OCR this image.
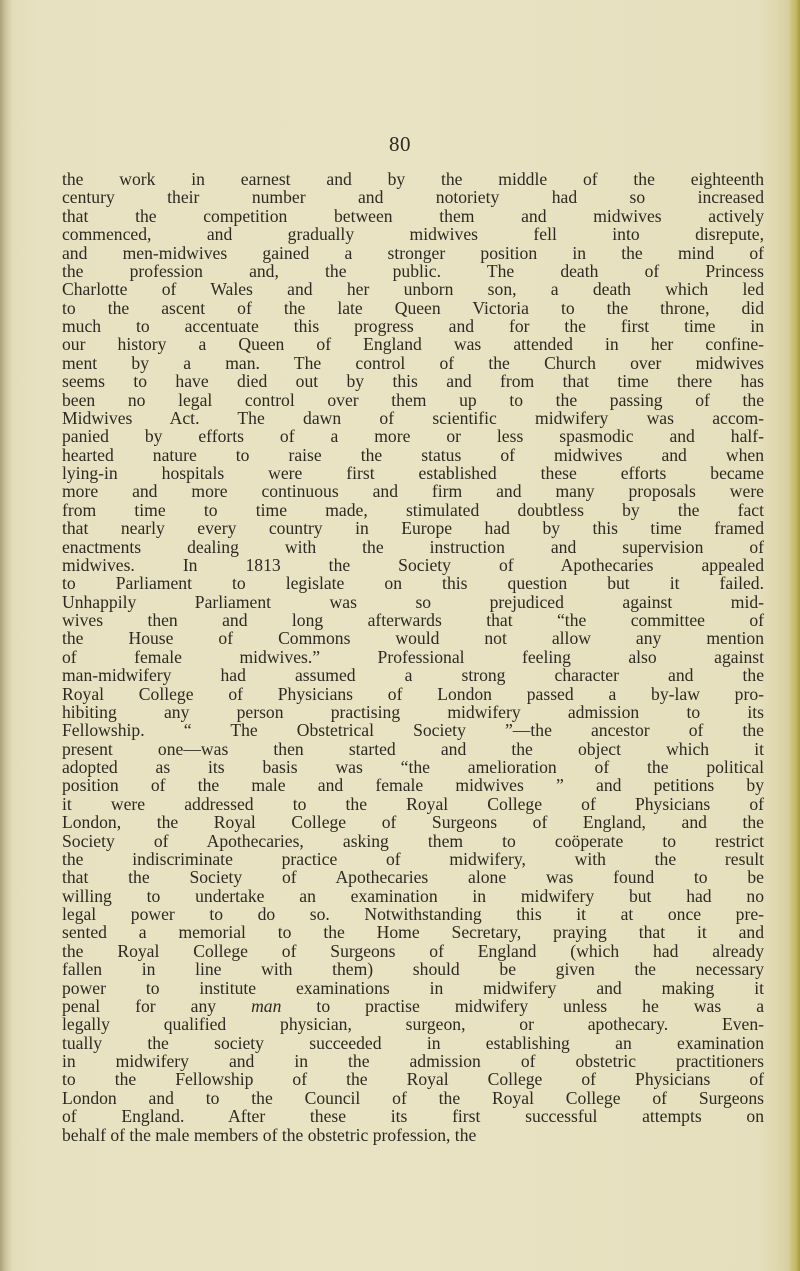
80
the work in earnest and by the middle of the eighteenth
century their number and notoriety had so increased
that the competition between them and midwives actively
commenced, and gradually midwives fell into disrepute,
and men-midwives gained a stronger position in the mind of
the profession and, the public. The death of Princess
Charlotte of Wales and her unborn son, a death which led
to the ascent of the late Queen Victoria to the throne, did
much to accentuate this progress and for the first time in
our history a Queen of England was attended in her confine-
ment by a man. The control of the Church over midwives
seems to have died out by this and from that time there has
been no legal control over them up to the passing of the
Midwives Act. The dawn of scientific midwifery was accom-
panied by efforts of a more or less spasmodic and half-
hearted nature to raise the status of midwives and when
lying-in hospitals were first established these efforts became
more and more continuous and firm and many proposals were
from time to time made, stimulated doubtless by the fact
that nearly every country in Europe had by this time framed
enactments dealing with the instruction and supervision of
midwives. In 1813 the Society of Apothecaries appealed
to Parliament to legislate on this question but it failed.
Unhappily Parliament was so prejudiced against mid-
wives then and long afterwards that “the committee of
the House of Commons would not allow any mention
of female midwives.” Professional feeling also against
man-midwifery had assumed a strong character and the
Royal College of Physicians of London passed a by-law pro-
hibiting any person practising midwifery admission to its
Fellowship. “ The Obstetrical Society ”—the ancestor of the
present one—was then started and the object which it
adopted as its basis was “the amelioration of the political
position of the male and female midwives ” and petitions by
it were addressed to the Royal College of Physicians of
London, the Royal College of Surgeons of England, and the
Society of Apothecaries, asking them to coöperate to restrict
the indiscriminate practice of midwifery, with the result
that the Society of Apothecaries alone was found to be
willing to undertake an examination in midwifery but had no
legal power to do so. Notwithstanding this it at once pre-
sented a memorial to the Home Secretary, praying that it and
the Royal College of Surgeons of England (which had already
fallen in line with them) should be given the necessary
power to institute examinations in midwifery and making it
penal for any man to practise midwifery unless he was a
legally qualified physician, surgeon, or apothecary. Even-
tually the society succeeded in establishing an examination
in midwifery and in the admission of obstetric practitioners
to the Fellowship of the Royal College of Physicians of
London and to the Council of the Royal College of Surgeons
of England. After these its first successful attempts on
behalf of the male members of the obstetric profession, the
